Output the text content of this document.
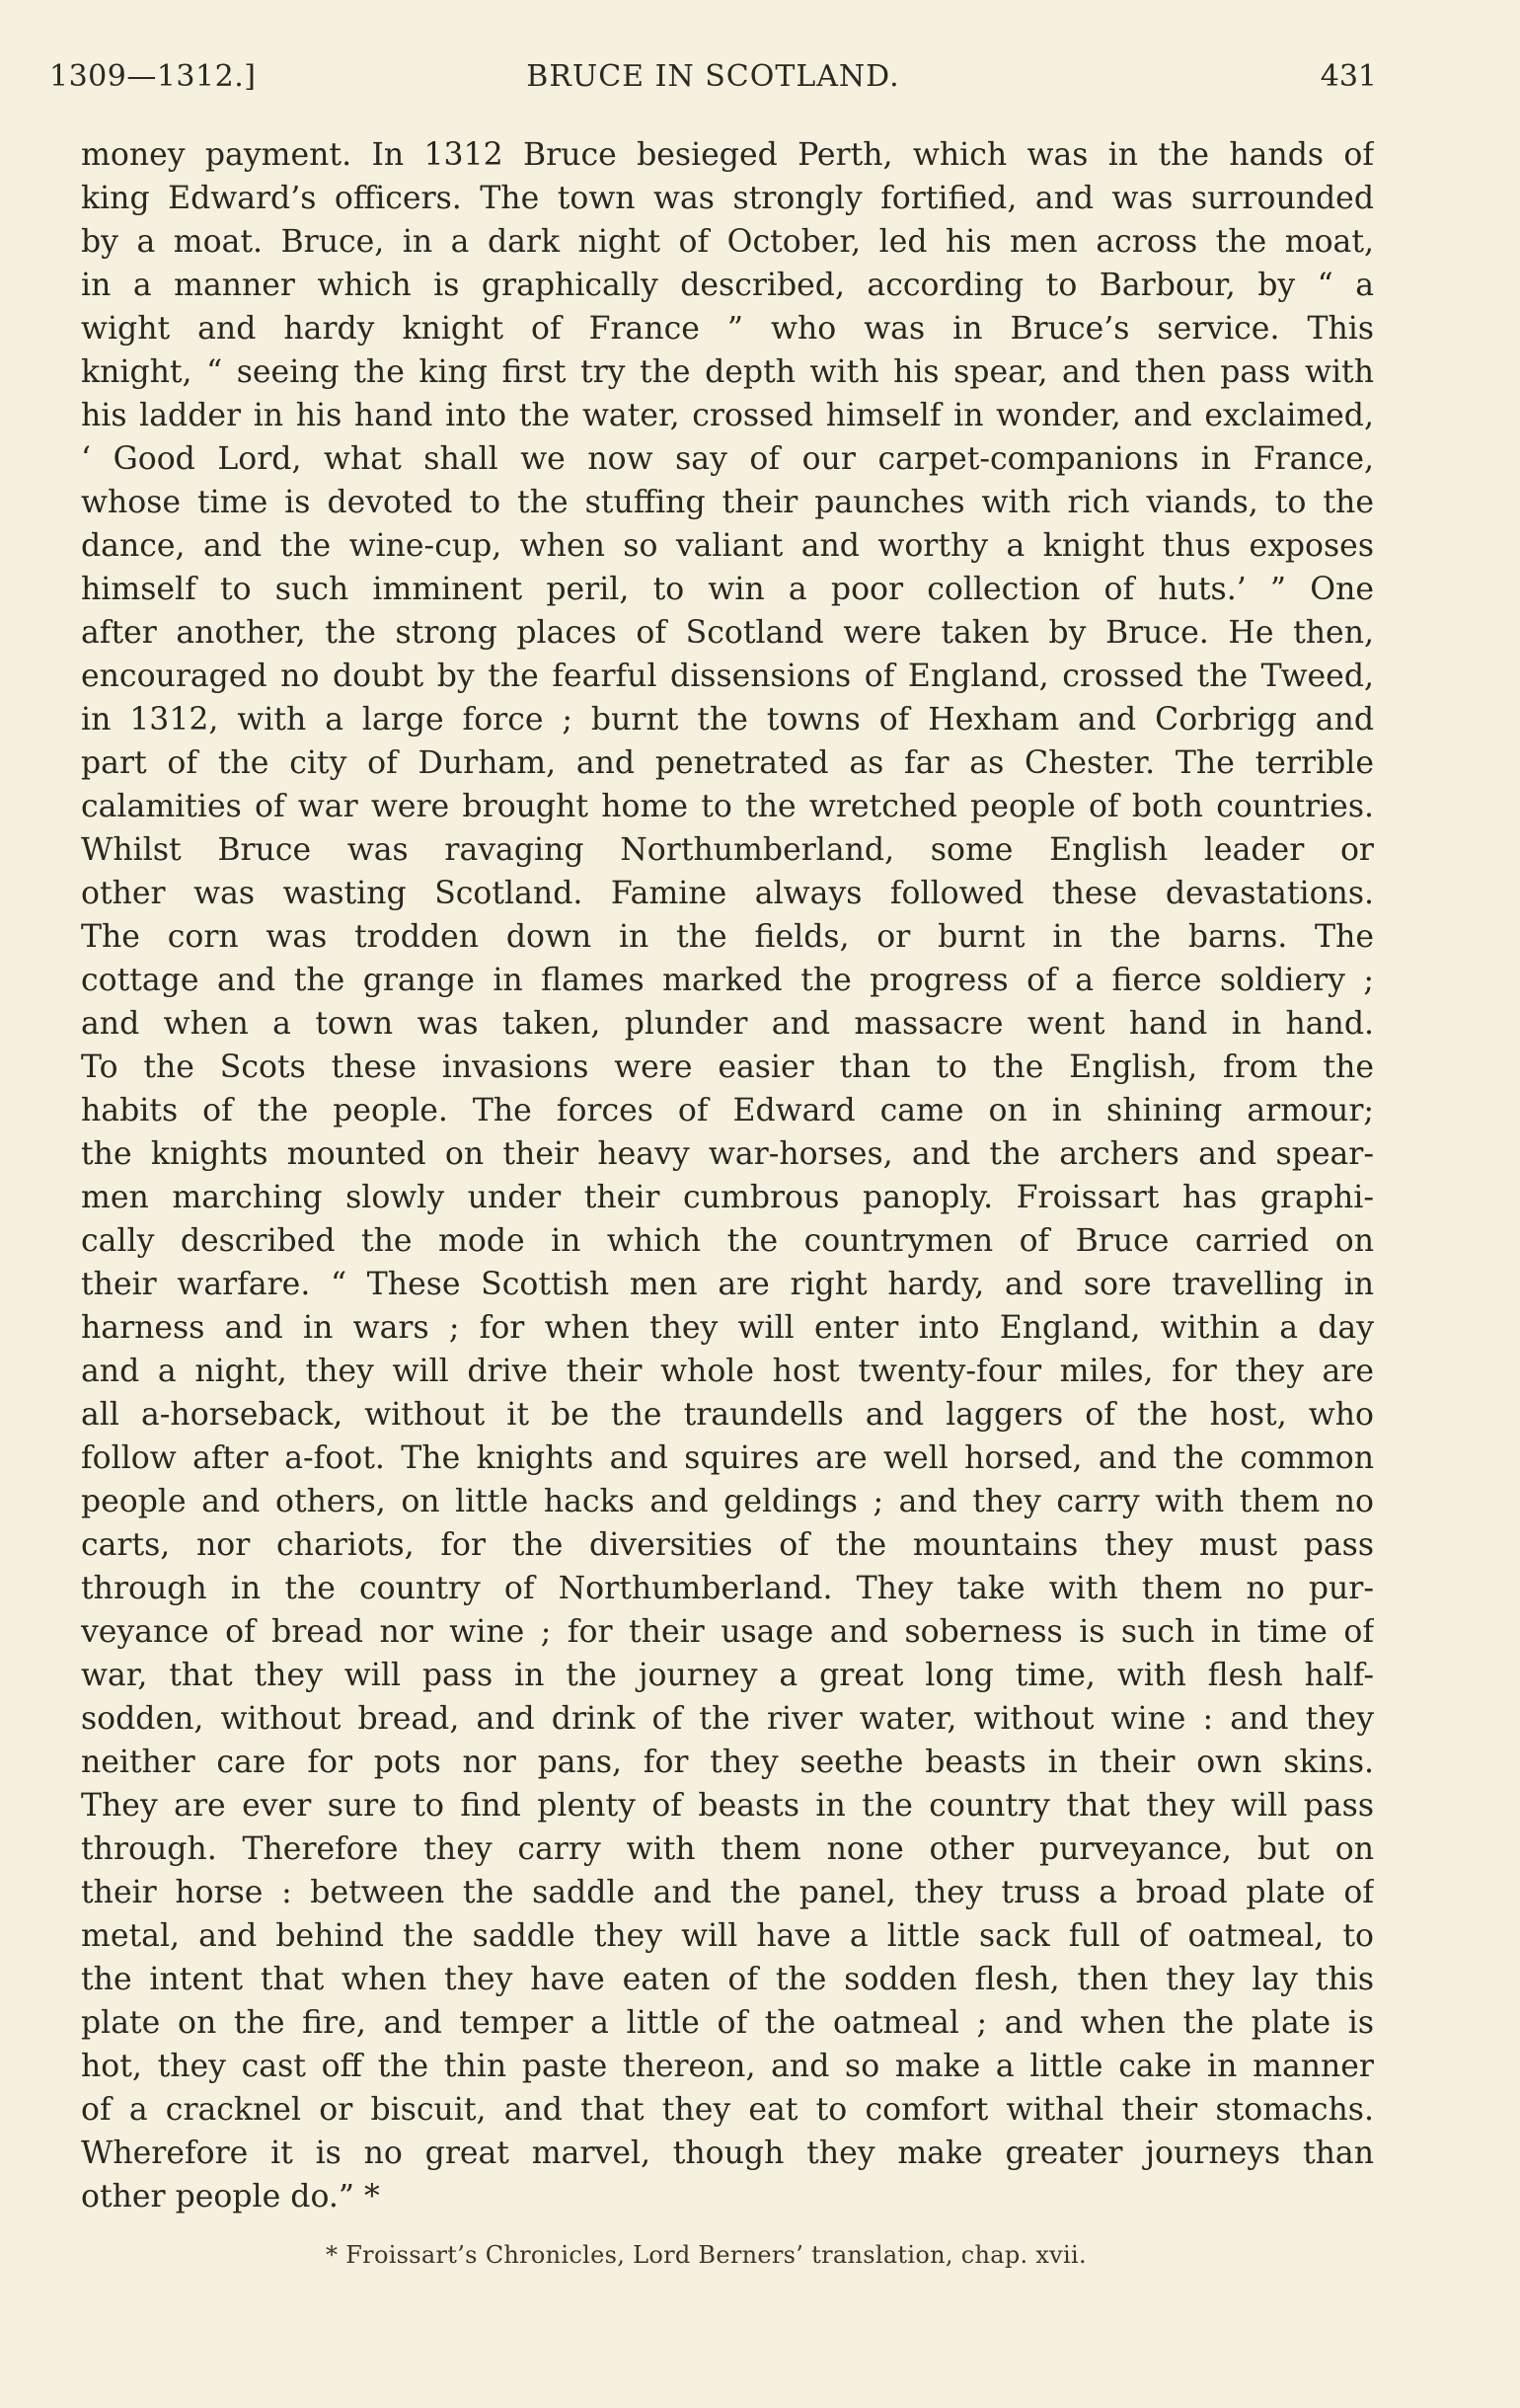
1309—1312.]	BRUCE IN SCOTLAND.	431
money payment. In 1312 Bruce besieged Perth, which was in the hands of
king Edward’s officers. The town was strongly fortified, and was surrounded
by a moat. Bruce, in a dark night of October, led his men across the moat,
in a manner which is graphically described, according to Barbour, by “ a
wight and hardy knight of France ” who was in Bruce’s service. This
knight, “ seeing the king first try the depth with his spear, and then pass with
his ladder in his hand into the water, crossed himself in wonder, and exclaimed,
‘ Good Lord, what shall we now say of our carpet-companions in France,
whose time is devoted to the stuffing their paunches with rich viands, to the
dance, and the wine-cup, when so valiant and worthy a knight thus exposes
himself to such imminent peril, to win a poor collection of huts.’ ” One
after another, the strong places of Scotland were taken by Bruce. He then,
encouraged no doubt by the fearful dissensions of England, crossed the Tweed,
in 1312, with a large force ; burnt the towns of Hexham and Corbrigg and
part of the city of Durham, and penetrated as far as Chester. The terrible
calamities of war were brought home to the wretched people of both countries.
Whilst Bruce was ravaging Northumberland, some English leader or
other was wasting Scotland. Famine always followed these devastations.
The corn was trodden down in the fields, or burnt in the barns. The
cottage and the grange in flames marked the progress of a fierce soldiery ;
and when a town was taken, plunder and massacre went hand in hand.
To the Scots these invasions were easier than to the English, from the
habits of the people. The forces of Edward came on in shining armour;
the knights mounted on their heavy war-horses, and the archers and spear-
men marching slowly under their cumbrous panoply. Froissart has graphi-
cally described the mode in which the countrymen of Bruce carried on
their warfare. “ These Scottish men are right hardy, and sore travelling in
harness and in wars ; for when they will enter into England, within a day
and a night, they will drive their whole host twenty-four miles, for they are
all a-horseback, without it be the traundells and laggers of the host, who
follow after a-foot. The knights and squires are well horsed, and the common
people and others, on little hacks and geldings ; and they carry with them no
carts, nor chariots, for the diversities of the mountains they must pass
through in the country of Northumberland. They take with them no pur-
veyance of bread nor wine ; for their usage and soberness is such in time of
war, that they will pass in the journey a great long time, with flesh half-
sodden, without bread, and drink of the river water, without wine : and they
neither care for pots nor pans, for they seethe beasts in their own skins.
They are ever sure to find plenty of beasts in the country that they will pass
through. Therefore they carry with them none other purveyance, but on
their horse : between the saddle and the panel, they truss a broad plate of
metal, and behind the saddle they will have a little sack full of oatmeal, to
the intent that when they have eaten of the sodden flesh, then they lay this
plate on the fire, and temper a little of the oatmeal ; and when the plate is
hot, they cast off the thin paste thereon, and so make a little cake in manner
of a cracknel or biscuit, and that they eat to comfort withal their stomachs.
Wherefore it is no great marvel, though they make greater journeys than
other people do.” *
* Froissart’s Chronicles, Lord Berners’ translation, chap. xvii.
